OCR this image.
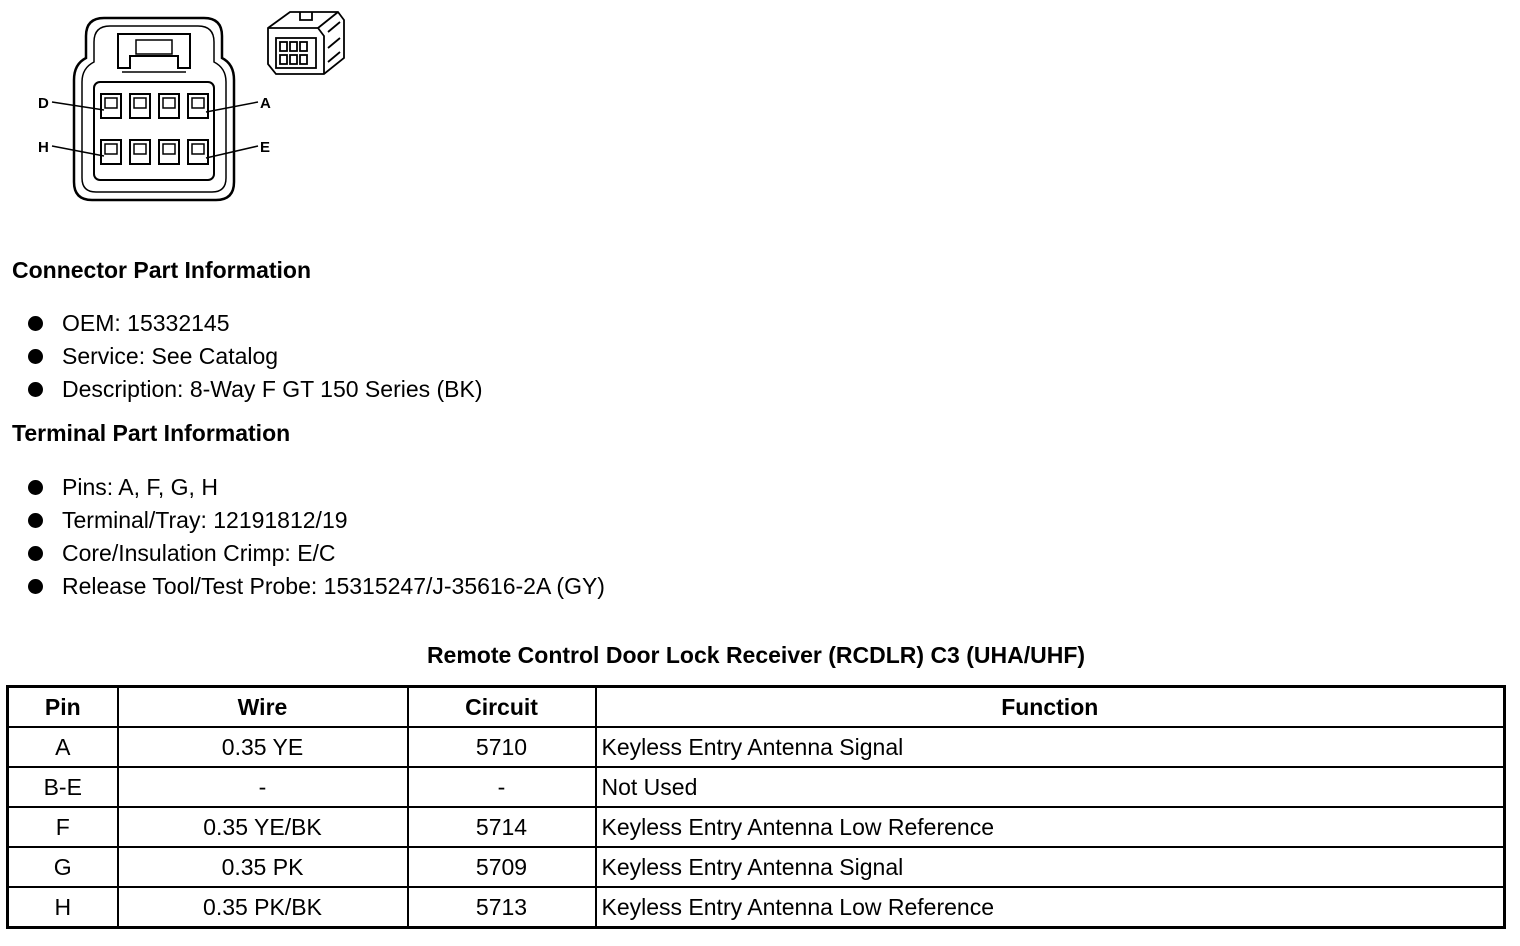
D	A
H	E
Connector Part Information
OEM: 15332145
Service: See Catalog
Description: 8-Way F GT 150 Series (BK)
Terminal Part Information
Pins: A, F, G, H
Terminal/Tray: 12191812/19
Core/Insulation Crimp: E/C
Release Tool/Test Probe: 15315247/J-35616-2A (GY)
Remote Control Door Lock Receiver (RCDLR) C3 (UHA/UHF)
Pin	Wire	Circuit	Function
A	0.35 YE	5710	Keyless Entry Antenna Signal
B-E	-	-	Not Used
F	0.35 YE/BK	5714	Keyless Entry Antenna Low Reference
G	0.35 PK	5709	Keyless Entry Antenna Signal
H	0.35 PK/BK	5713	Keyless Entry Antenna Low Reference
